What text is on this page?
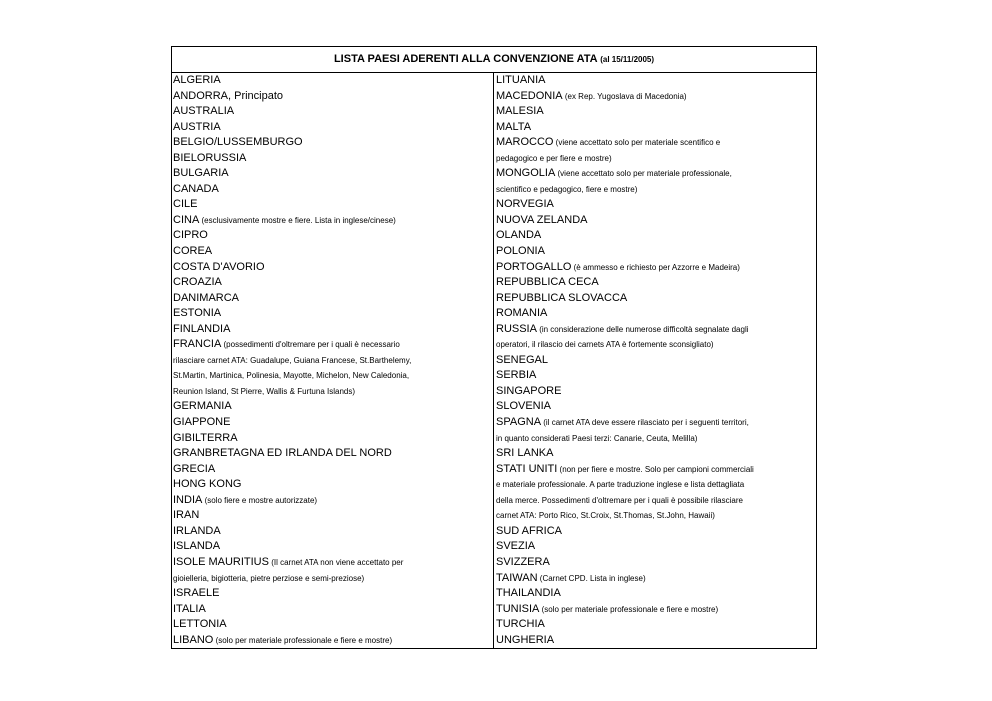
LISTA PAESI ADERENTI ALLA CONVENZIONE ATA (al 15/11/2005)
ALGERIA
ANDORRA, Principato
AUSTRALIA
AUSTRIA
BELGIO/LUSSEMBURGO
BIELORUSSIA
BULGARIA
CANADA
CILE
CINA (esclusivamente mostre e fiere. Lista in inglese/cinese)
CIPRO
COREA
COSTA D'AVORIO
CROAZIA
DANIMARCA
ESTONIA
FINLANDIA
FRANCIA (possedimenti d'oltremare per i quali è necessario
rilasciare carnet ATA: Guadalupe, Guiana Francese, St.Barthelemy,
St.Martin, Martinica, Polinesia, Mayotte, Michelon, New Caledonia,
Reunion Island, St Pierre, Wallis & Furtuna Islands)
GERMANIA
GIAPPONE
GIBILTERRA
GRANBRETAGNA ED IRLANDA DEL NORD
GRECIA
HONG KONG
INDIA (solo fiere e mostre autorizzate)
IRAN
IRLANDA
ISLANDA
ISOLE MAURITIUS (Il carnet ATA non viene accettato per
gioielleria, bigiotteria, pietre perziose e semi-preziose)
ISRAELE
ITALIA
LETTONIA
LIBANO (solo per materiale professionale e fiere e mostre)
LITUANIA
MACEDONIA (ex Rep. Yugoslava di Macedonia)
MALESIA
MALTA
MAROCCO (viene accettato solo per materiale scentifico e
pedagogico e per fiere e mostre)
MONGOLIA (viene accettato solo per materiale professionale,
scientifico e pedagogico, fiere e mostre)
NORVEGIA
NUOVA ZELANDA
OLANDA
POLONIA
PORTOGALLO (è ammesso e richiesto per Azzorre e Madeira)
REPUBBLICA CECA
REPUBBLICA SLOVACCA
ROMANIA
RUSSIA (in considerazione delle numerose difficoltà segnalate dagli
operatori, il rilascio dei carnets ATA è fortemente sconsigliato)
SENEGAL
SERBIA
SINGAPORE
SLOVENIA
SPAGNA (il carnet ATA deve essere rilasciato per i seguenti territori,
in quanto considerati Paesi terzi: Canarie, Ceuta, Melilla)
SRI LANKA
STATI UNITI (non per fiere e mostre. Solo per campioni commerciali
e materiale professionale. A parte traduzione inglese e lista dettagliata
della merce. Possedimenti d'oltremare per i quali è possibile rilasciare
carnet ATA: Porto Rico, St.Croix, St.Thomas, St.John, Hawaii)
SUD AFRICA
SVEZIA
SVIZZERA
TAIWAN (Carnet CPD. Lista in inglese)
THAILANDIA
TUNISIA (solo per materiale professionale e fiere e mostre)
TURCHIA
UNGHERIA
